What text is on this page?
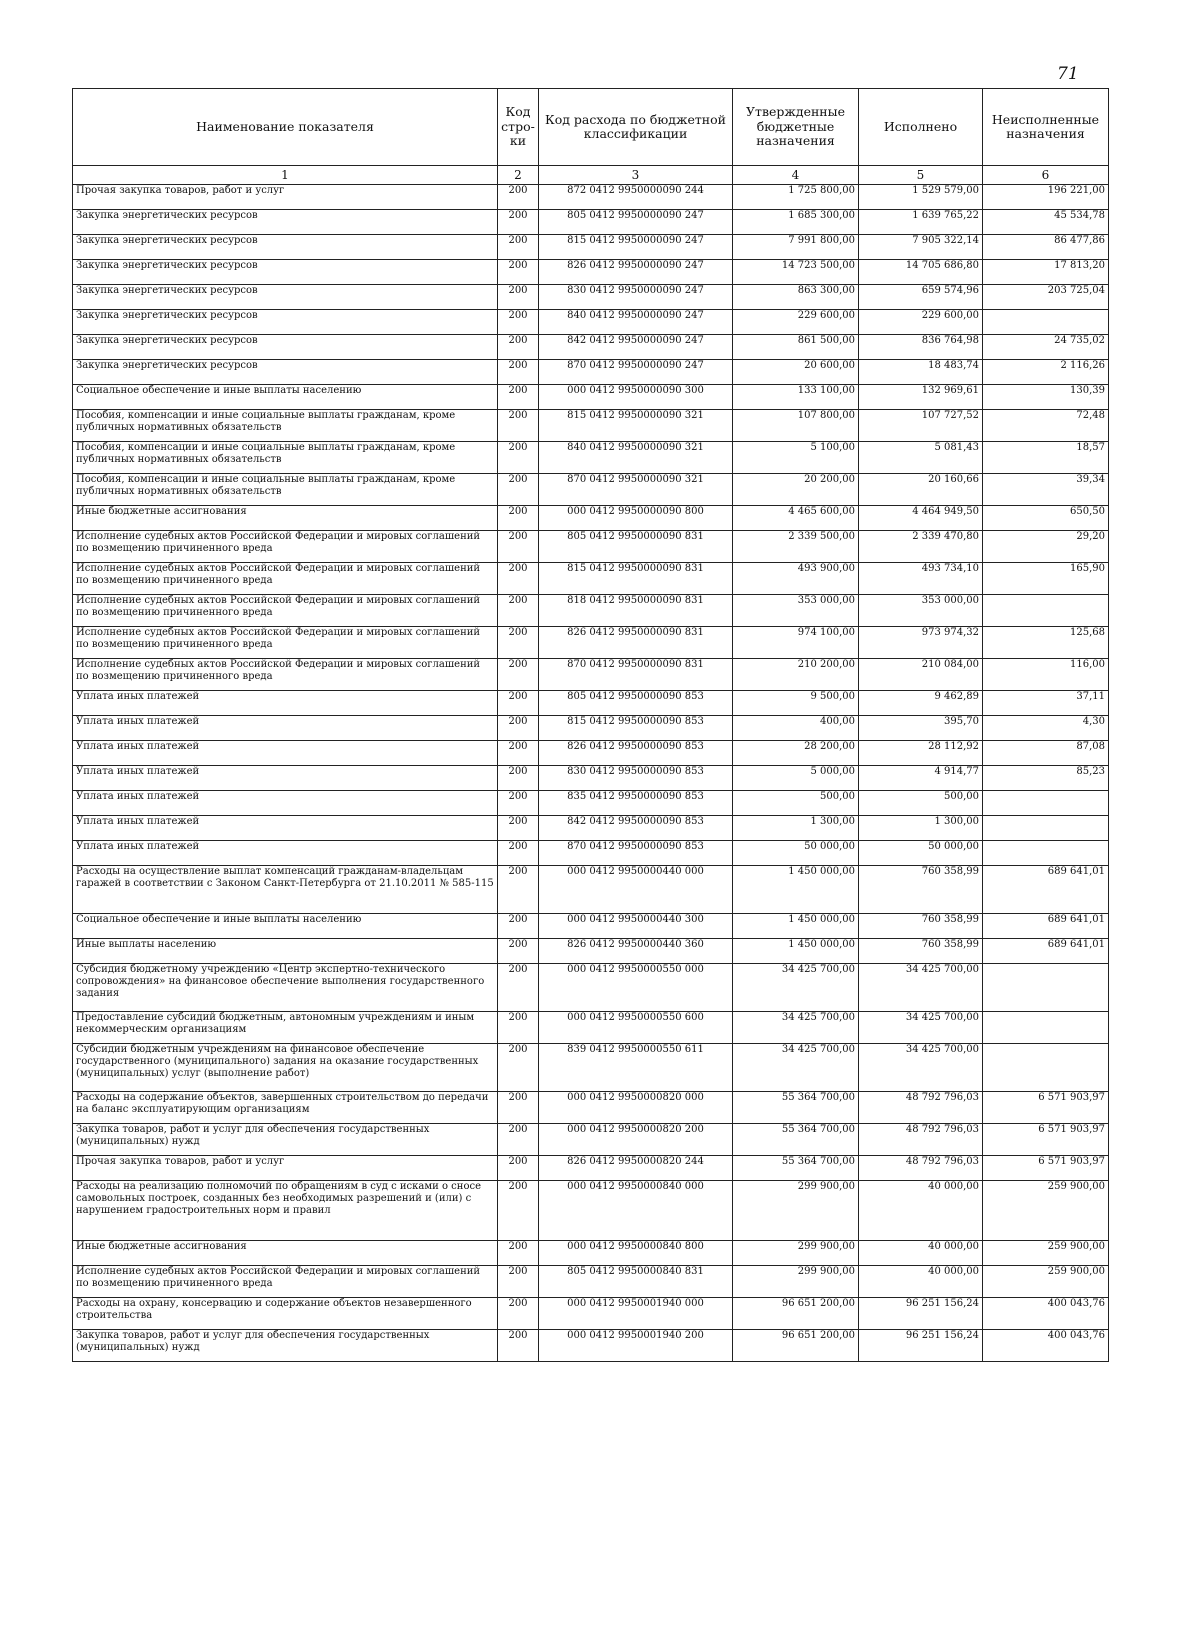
71
Наименование показателя	Код стро-ки	Код расхода по бюджетной классификации	Утвержденные бюджетные назначения	Исполнено	Неисполненные назначения
1	2	3	4	5	6
Прочая закупка товаров, работ и услуг	200	872 0412 9950000090 244	1 725 800,00	1 529 579,00	196 221,00
Закупка энергетических ресурсов	200	805 0412 9950000090 247	1 685 300,00	1 639 765,22	45 534,78
Закупка энергетических ресурсов	200	815 0412 9950000090 247	7 991 800,00	7 905 322,14	86 477,86
Закупка энергетических ресурсов	200	826 0412 9950000090 247	14 723 500,00	14 705 686,80	17 813,20
Закупка энергетических ресурсов	200	830 0412 9950000090 247	863 300,00	659 574,96	203 725,04
Закупка энергетических ресурсов	200	840 0412 9950000090 247	229 600,00	229 600,00	
Закупка энергетических ресурсов	200	842 0412 9950000090 247	861 500,00	836 764,98	24 735,02
Закупка энергетических ресурсов	200	870 0412 9950000090 247	20 600,00	18 483,74	2 116,26
Социальное обеспечение и иные выплаты населению	200	000 0412 9950000090 300	133 100,00	132 969,61	130,39
Пособия, компенсации и иные социальные выплаты гражданам, кроме публичных нормативных обязательств	200	815 0412 9950000090 321	107 800,00	107 727,52	72,48
Пособия, компенсации и иные социальные выплаты гражданам, кроме публичных нормативных обязательств	200	840 0412 9950000090 321	5 100,00	5 081,43	18,57
Пособия, компенсации и иные социальные выплаты гражданам, кроме публичных нормативных обязательств	200	870 0412 9950000090 321	20 200,00	20 160,66	39,34
Иные бюджетные ассигнования	200	000 0412 9950000090 800	4 465 600,00	4 464 949,50	650,50
Исполнение судебных актов Российской Федерации и мировых соглашений по возмещению причиненного вреда	200	805 0412 9950000090 831	2 339 500,00	2 339 470,80	29,20
Исполнение судебных актов Российской Федерации и мировых соглашений по возмещению причиненного вреда	200	815 0412 9950000090 831	493 900,00	493 734,10	165,90
Исполнение судебных актов Российской Федерации и мировых соглашений по возмещению причиненного вреда	200	818 0412 9950000090 831	353 000,00	353 000,00	
Исполнение судебных актов Российской Федерации и мировых соглашений по возмещению причиненного вреда	200	826 0412 9950000090 831	974 100,00	973 974,32	125,68
Исполнение судебных актов Российской Федерации и мировых соглашений по возмещению причиненного вреда	200	870 0412 9950000090 831	210 200,00	210 084,00	116,00
Уплата иных платежей	200	805 0412 9950000090 853	9 500,00	9 462,89	37,11
Уплата иных платежей	200	815 0412 9950000090 853	400,00	395,70	4,30
Уплата иных платежей	200	826 0412 9950000090 853	28 200,00	28 112,92	87,08
Уплата иных платежей	200	830 0412 9950000090 853	5 000,00	4 914,77	85,23
Уплата иных платежей	200	835 0412 9950000090 853	500,00	500,00	
Уплата иных платежей	200	842 0412 9950000090 853	1 300,00	1 300,00	
Уплата иных платежей	200	870 0412 9950000090 853	50 000,00	50 000,00	
Расходы на осуществление выплат компенсаций гражданам-владельцам гаражей в соответствии с Законом Санкт-Петербурга от 21.10.2011 № 585-115	200	000 0412 9950000440 000	1 450 000,00	760 358,99	689 641,01
Социальное обеспечение и иные выплаты населению	200	000 0412 9950000440 300	1 450 000,00	760 358,99	689 641,01
Иные выплаты населению	200	826 0412 9950000440 360	1 450 000,00	760 358,99	689 641,01
Субсидия бюджетному учреждению «Центр экспертно-технического сопровождения» на финансовое обеспечение выполнения государственного задания	200	000 0412 9950000550 000	34 425 700,00	34 425 700,00	
Предоставление субсидий бюджетным, автономным учреждениям и иным некоммерческим организациям	200	000 0412 9950000550 600	34 425 700,00	34 425 700,00	
Субсидии бюджетным учреждениям на финансовое обеспечение государственного (муниципального) задания на оказание государственных (муниципальных) услуг (выполнение работ)	200	839 0412 9950000550 611	34 425 700,00	34 425 700,00	
Расходы на содержание объектов, завершенных строительством до передачи на баланс эксплуатирующим организациям	200	000 0412 9950000820 000	55 364 700,00	48 792 796,03	6 571 903,97
Закупка товаров, работ и услуг для обеспечения государственных (муниципальных) нужд	200	000 0412 9950000820 200	55 364 700,00	48 792 796,03	6 571 903,97
Прочая закупка товаров, работ и услуг	200	826 0412 9950000820 244	55 364 700,00	48 792 796,03	6 571 903,97
Расходы на реализацию полномочий по обращениям в суд с исками о сносе самовольных построек, созданных без необходимых разрешений и (или) с нарушением градостроительных норм и правил	200	000 0412 9950000840 000	299 900,00	40 000,00	259 900,00
Иные бюджетные ассигнования	200	000 0412 9950000840 800	299 900,00	40 000,00	259 900,00
Исполнение судебных актов Российской Федерации и мировых соглашений по возмещению причиненного вреда	200	805 0412 9950000840 831	299 900,00	40 000,00	259 900,00
Расходы на охрану, консервацию и содержание объектов незавершенного строительства	200	000 0412 9950001940 000	96 651 200,00	96 251 156,24	400 043,76
Закупка товаров, работ и услуг для обеспечения государственных (муниципальных) нужд	200	000 0412 9950001940 200	96 651 200,00	96 251 156,24	400 043,76
